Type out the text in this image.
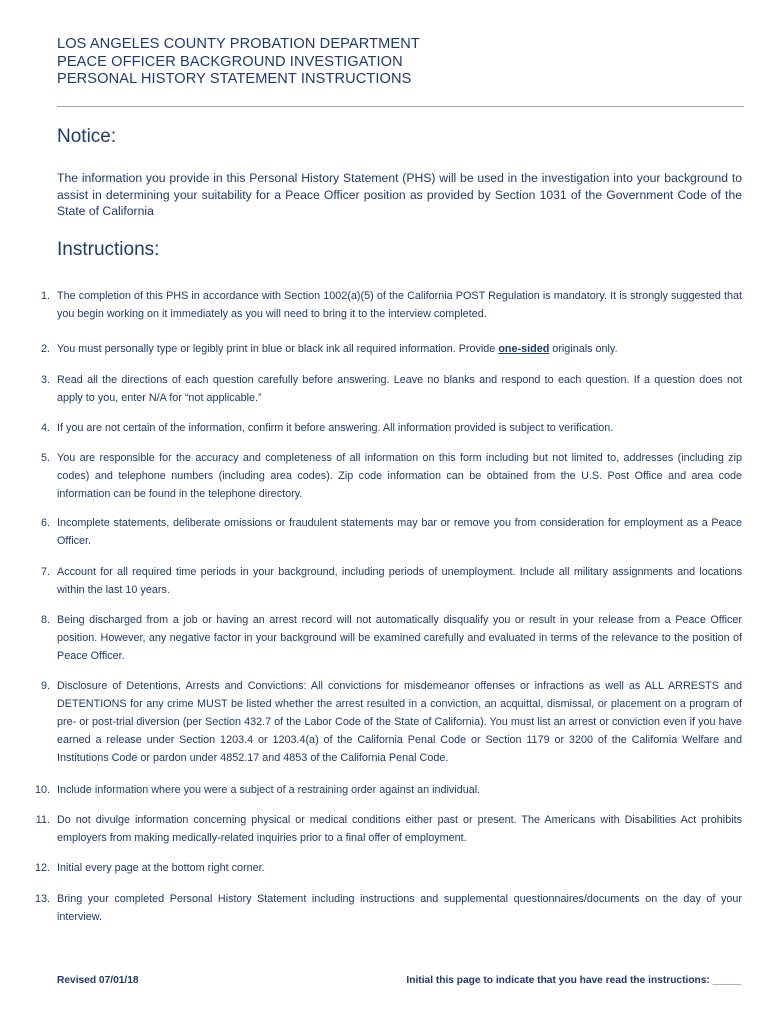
LOS ANGELES COUNTY PROBATION DEPARTMENT
PEACE OFFICER BACKGROUND INVESTIGATION
PERSONAL HISTORY STATEMENT INSTRUCTIONS
Notice:
The information you provide in this Personal History Statement (PHS) will be used in the investigation into your background to assist in determining your suitability for a Peace Officer position as provided by Section 1031 of the Government Code of the State of California
Instructions:
1. The completion of this PHS in accordance with Section 1002(a)(5) of the California POST Regulation is mandatory. It is strongly suggested that you begin working on it immediately as you will need to bring it to the interview completed.
2. You must personally type or legibly print in blue or black ink all required information. Provide one-sided originals only.
3. Read all the directions of each question carefully before answering. Leave no blanks and respond to each question. If a question does not apply to you, enter N/A for “not applicable.”
4. If you are not certain of the information, confirm it before answering. All information provided is subject to verification.
5. You are responsible for the accuracy and completeness of all information on this form including but not limited to, addresses (including zip codes) and telephone numbers (including area codes). Zip code information can be obtained from the U.S. Post Office and area code information can be found in the telephone directory.
6. Incomplete statements, deliberate omissions or fraudulent statements may bar or remove you from consideration for employment as a Peace Officer.
7. Account for all required time periods in your background, including periods of unemployment. Include all military assignments and locations within the last 10 years.
8. Being discharged from a job or having an arrest record will not automatically disqualify you or result in your release from a Peace Officer position. However, any negative factor in your background will be examined carefully and evaluated in terms of the relevance to the position of Peace Officer.
9. Disclosure of Detentions, Arrests and Convictions: All convictions for misdemeanor offenses or infractions as well as ALL ARRESTS and DETENTIONS for any crime MUST be listed whether the arrest resulted in a conviction, an acquittal, dismissal, or placement on a program of pre- or post-trial diversion (per Section 432.7 of the Labor Code of the State of California). You must list an arrest or conviction even if you have earned a release under Section 1203.4 or 1203.4(a) of the California Penal Code or Section 1179 or 3200 of the California Welfare and Institutions Code or pardon under 4852.17 and 4853 of the California Penal Code.
10. Include information where you were a subject of a restraining order against an individual.
11. Do not divulge information concerning physical or medical conditions either past or present. The Americans with Disabilities Act prohibits employers from making medically-related inquiries prior to a final offer of employment.
12. Initial every page at the bottom right corner.
13. Bring your completed Personal History Statement including instructions and supplemental questionnaires/documents on the day of your interview.
Revised 07/01/18	Initial this page to indicate that you have read the instructions: _____
